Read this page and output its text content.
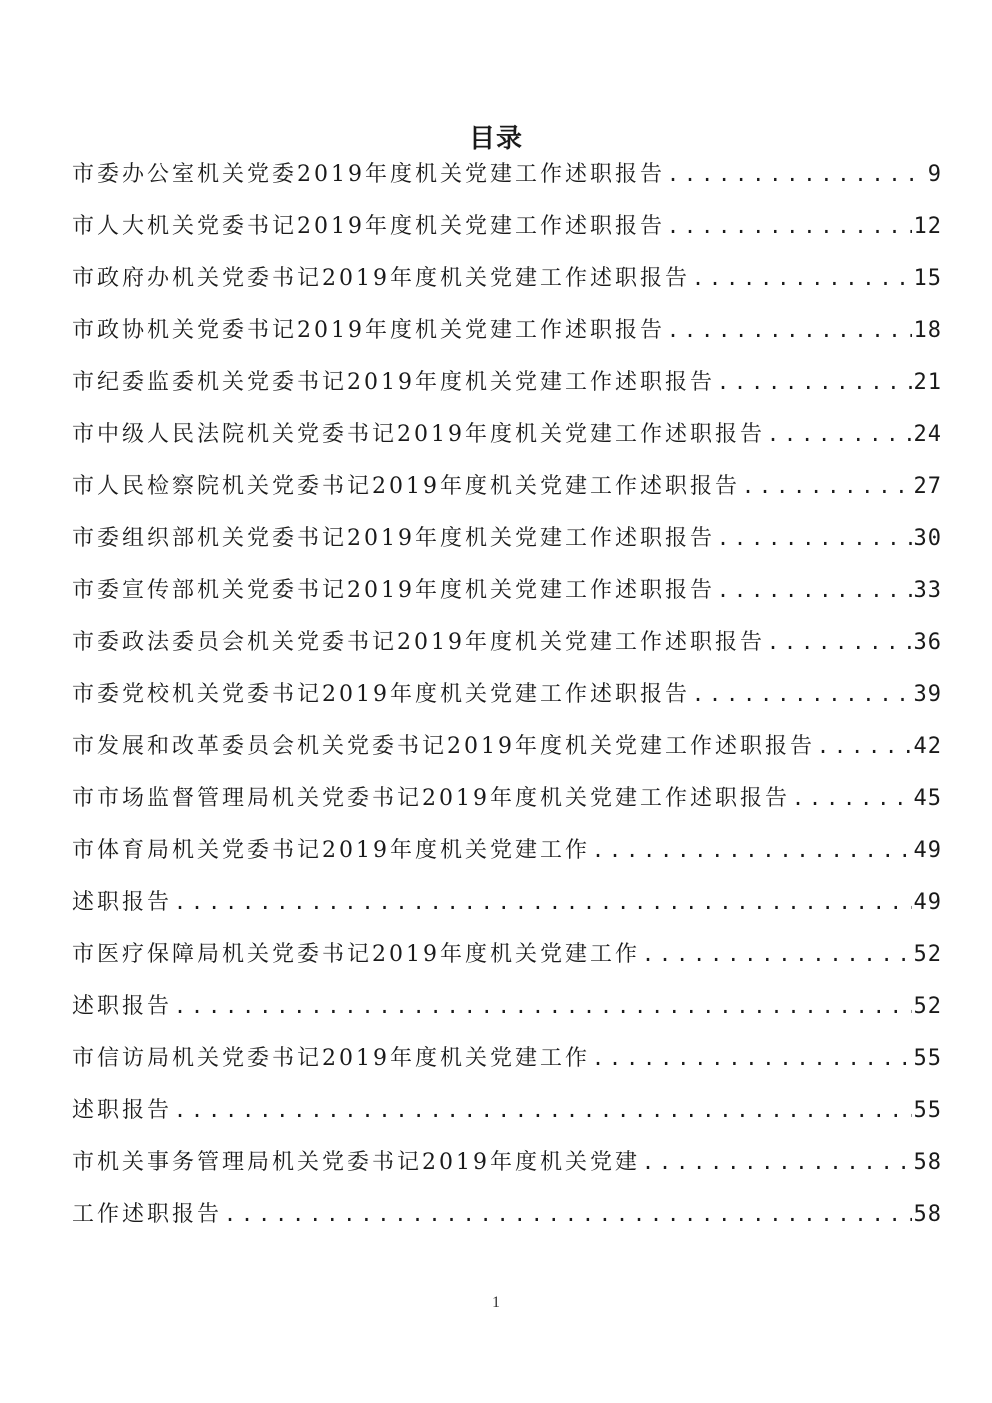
目录
市委办公室机关党委2019年度机关党建工作述职报告 .....	9
市人大机关党委书记2019年度机关党建工作述职报告 .....	12
市政府办机关党委书记2019年度机关党建工作述职报告 .....	15
市政协机关党委书记2019年度机关党建工作述职报告 .....	18
市纪委监委机关党委书记2019年度机关党建工作述职报告 .....	21
市中级人民法院机关党委书记2019年度机关党建工作述职报告 .....	24
市人民检察院机关党委书记2019年度机关党建工作述职报告 .....	27
市委组织部机关党委书记2019年度机关党建工作述职报告 .....	30
市委宣传部机关党委书记2019年度机关党建工作述职报告 .....	33
市委政法委员会机关党委书记2019年度机关党建工作述职报告 .....	36
市委党校机关党委书记2019年度机关党建工作述职报告 .....	39
市发展和改革委员会机关党委书记2019年度机关党建工作述职报告 .....	42
市市场监督管理局机关党委书记2019年度机关党建工作述职报告 .....	45
市体育局机关党委书记2019年度机关党建工作 .....	49
述职报告 .....	49
市医疗保障局机关党委书记2019年度机关党建工作 .....	52
述职报告 .....	52
市信访局机关党委书记2019年度机关党建工作 .....	55
述职报告 .....	55
市机关事务管理局机关党委书记2019年度机关党建 .....	58
工作述职报告 .....	58
1
